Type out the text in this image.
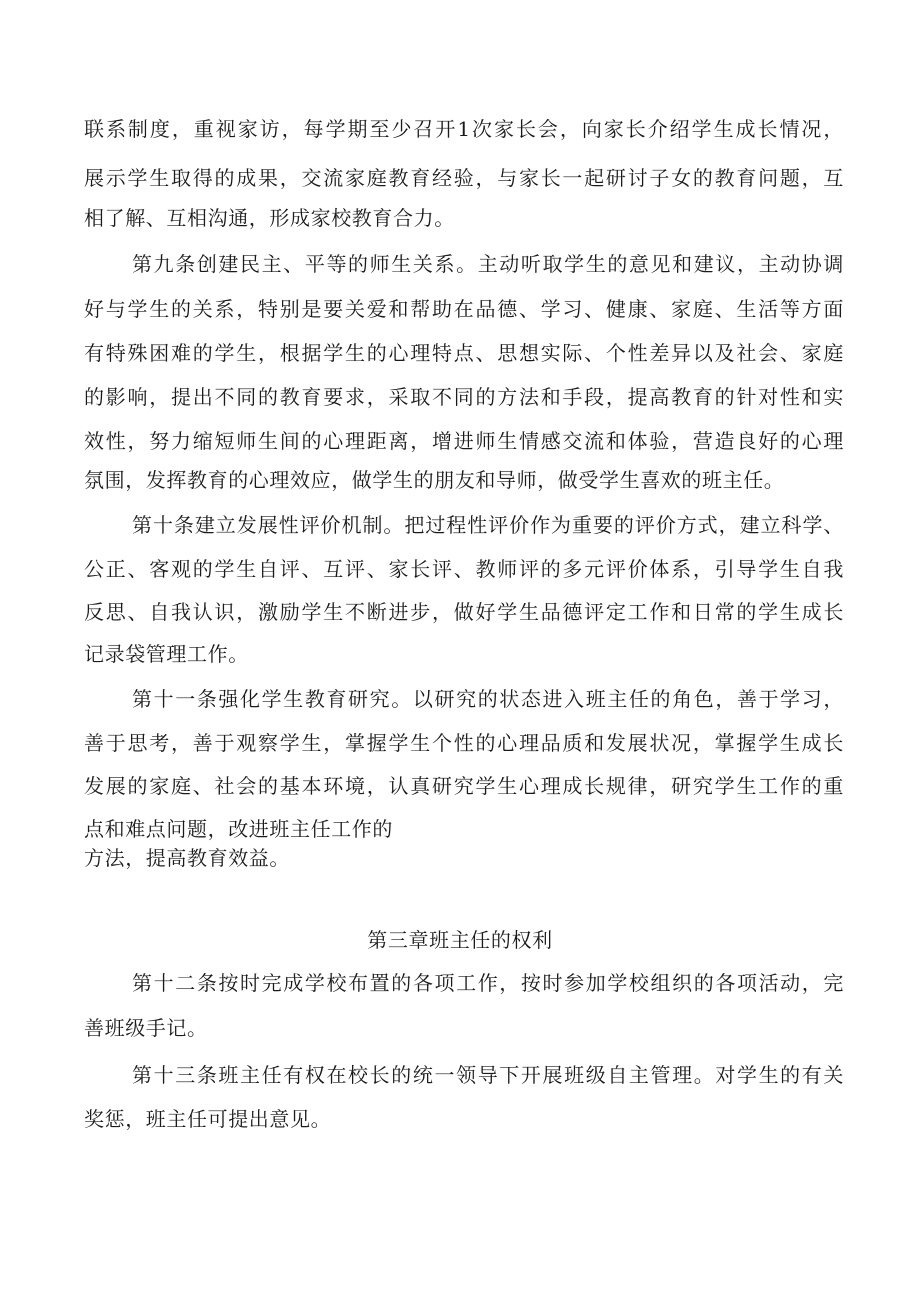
联系制度，重视家访，每学期至少召开1次家长会，向家长介绍学生成长情况，
展示学生取得的成果，交流家庭教育经验，与家长一起研讨子女的教育问题，互
相了解、互相沟通，形成家校教育合力。
第九条创建民主、平等的师生关系。主动听取学生的意见和建议，主动协调
好与学生的关系，特别是要关爱和帮助在品德、学习、健康、家庭、生活等方面
有特殊困难的学生，根据学生的心理特点、思想实际、个性差异以及社会、家庭
的影响，提出不同的教育要求，采取不同的方法和手段，提高教育的针对性和实
效性，努力缩短师生间的心理距离，增进师生情感交流和体验，营造良好的心理
氛围，发挥教育的心理效应，做学生的朋友和导师，做受学生喜欢的班主任。
第十条建立发展性评价机制。把过程性评价作为重要的评价方式，建立科学、
公正、客观的学生自评、互评、家长评、教师评的多元评价体系，引导学生自我
反思、自我认识，激励学生不断进步，做好学生品德评定工作和日常的学生成长
记录袋管理工作。
第十一条强化学生教育研究。以研究的状态进入班主任的角色，善于学习，
善于思考，善于观察学生，掌握学生个性的心理品质和发展状况，掌握学生成长
发展的家庭、社会的基本环境，认真研究学生心理成长规律，研究学生工作的重
点和难点问题，改进班主任工作的
方法，提高教育效益。
第三章班主任的权利
第十二条按时完成学校布置的各项工作，按时参加学校组织的各项活动，完
善班级手记。
第十三条班主任有权在校长的统一领导下开展班级自主管理。对学生的有关
奖惩，班主任可提出意见。
